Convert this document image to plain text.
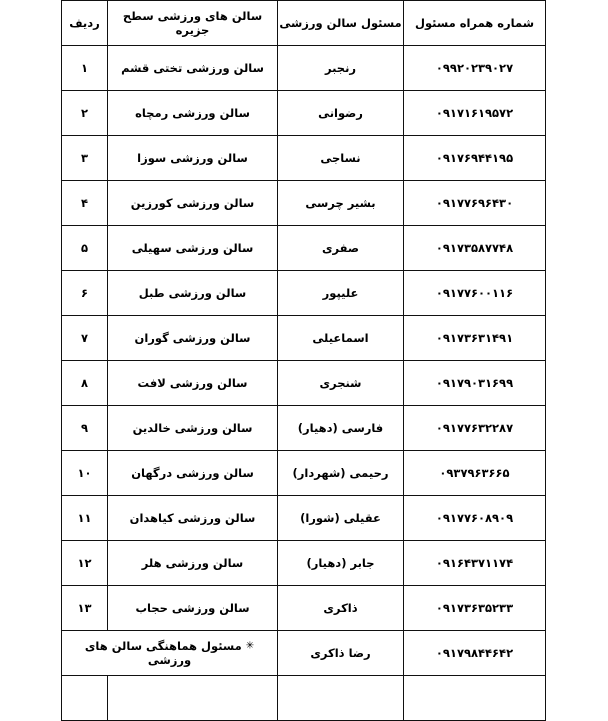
شماره همراه مسئول	مسئول سالن ورزشی	سالن های ورزشی سطح جزیره	ردیف
۰۹۹۲۰۲۳۹۰۲۷	رنجبر	سالن ورزشی تختی قشم	۱
۰۹۱۷۱۶۱۹۵۷۲	رضوانی	سالن ورزشی رمچاه	۲
۰۹۱۷۶۹۴۴۱۹۵	نساجی	سالن ورزشی سوزا	۳
۰۹۱۷۷۶۹۶۴۳۰	بشیر چرسی	سالن ورزشی کورزین	۴
۰۹۱۷۳۵۸۷۷۴۸	صفری	سالن ورزشی سهیلی	۵
۰۹۱۷۷۶۰۰۱۱۶	علیپور	سالن ورزشی طبل	۶
۰۹۱۷۳۶۳۱۴۹۱	اسماعیلی	سالن ورزشی گوران	۷
۰۹۱۷۹۰۳۱۶۹۹	شنجری	سالن ورزشی لافت	۸
۰۹۱۷۷۶۳۲۲۸۷	فارسی (دهیار)	سالن ورزشی خالدین	۹
۰۹۳۷۹۶۳۶۶۵	رحیمی (شهردار)	سالن ورزشی درگهان	۱۰
۰۹۱۷۷۶۰۸۹۰۹	عقیلی (شورا)	سالن ورزشی کیاهدان	۱۱
۰۹۱۶۴۳۷۱۱۷۴	جابر (دهیار)	سالن ورزشی هلر	۱۲
۰۹۱۷۳۶۳۵۲۳۳	ذاکری	سالن ورزشی حجاب	۱۳
۰۹۱۷۹۸۴۴۶۴۲	رضا ذاکری	✳ مسئول هماهنگی سالن های ورزشی	
